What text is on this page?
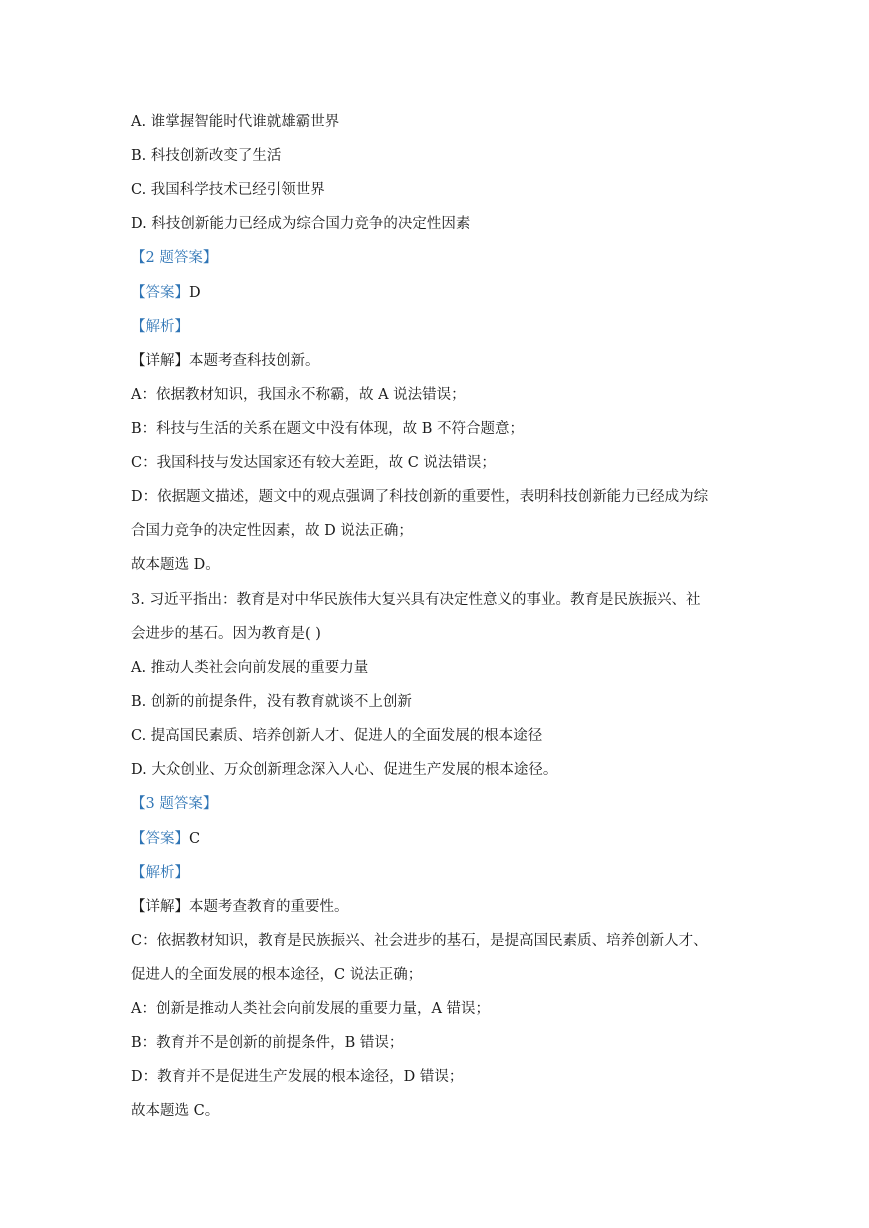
A. 谁掌握智能时代谁就雄霸世界
B. 科技创新改变了生活
C. 我国科学技术已经引领世界
D. 科技创新能力已经成为综合国力竞争的决定性因素
【2 题答案】
【答案】D
【解析】
【详解】本题考查科技创新。
A：依据教材知识，我国永不称霸，故 A 说法错误；
B：科技与生活的关系在题文中没有体现，故 B 不符合题意；
C：我国科技与发达国家还有较大差距，故 C 说法错误；
D：依据题文描述，题文中的观点强调了科技创新的重要性，表明科技创新能力已经成为综
合国力竞争的决定性因素，故 D 说法正确；
故本题选 D。
3. 习近平指出：教育是对中华民族伟大复兴具有决定性意义的事业。教育是民族振兴、社
会进步的基石。因为教育是( )
A. 推动人类社会向前发展的重要力量
B. 创新的前提条件，没有教育就谈不上创新
C. 提高国民素质、培养创新人才、促进人的全面发展的根本途径
D. 大众创业、万众创新理念深入人心、促进生产发展的根本途径。
【3 题答案】
【答案】C
【解析】
【详解】本题考查教育的重要性。
C：依据教材知识，教育是民族振兴、社会进步的基石，是提高国民素质、培养创新人才、
促进人的全面发展的根本途径，C 说法正确；
A：创新是推动人类社会向前发展的重要力量，A 错误；
B：教育并不是创新的前提条件，B 错误；
D：教育并不是促进生产发展的根本途径，D 错误；
故本题选 C。
